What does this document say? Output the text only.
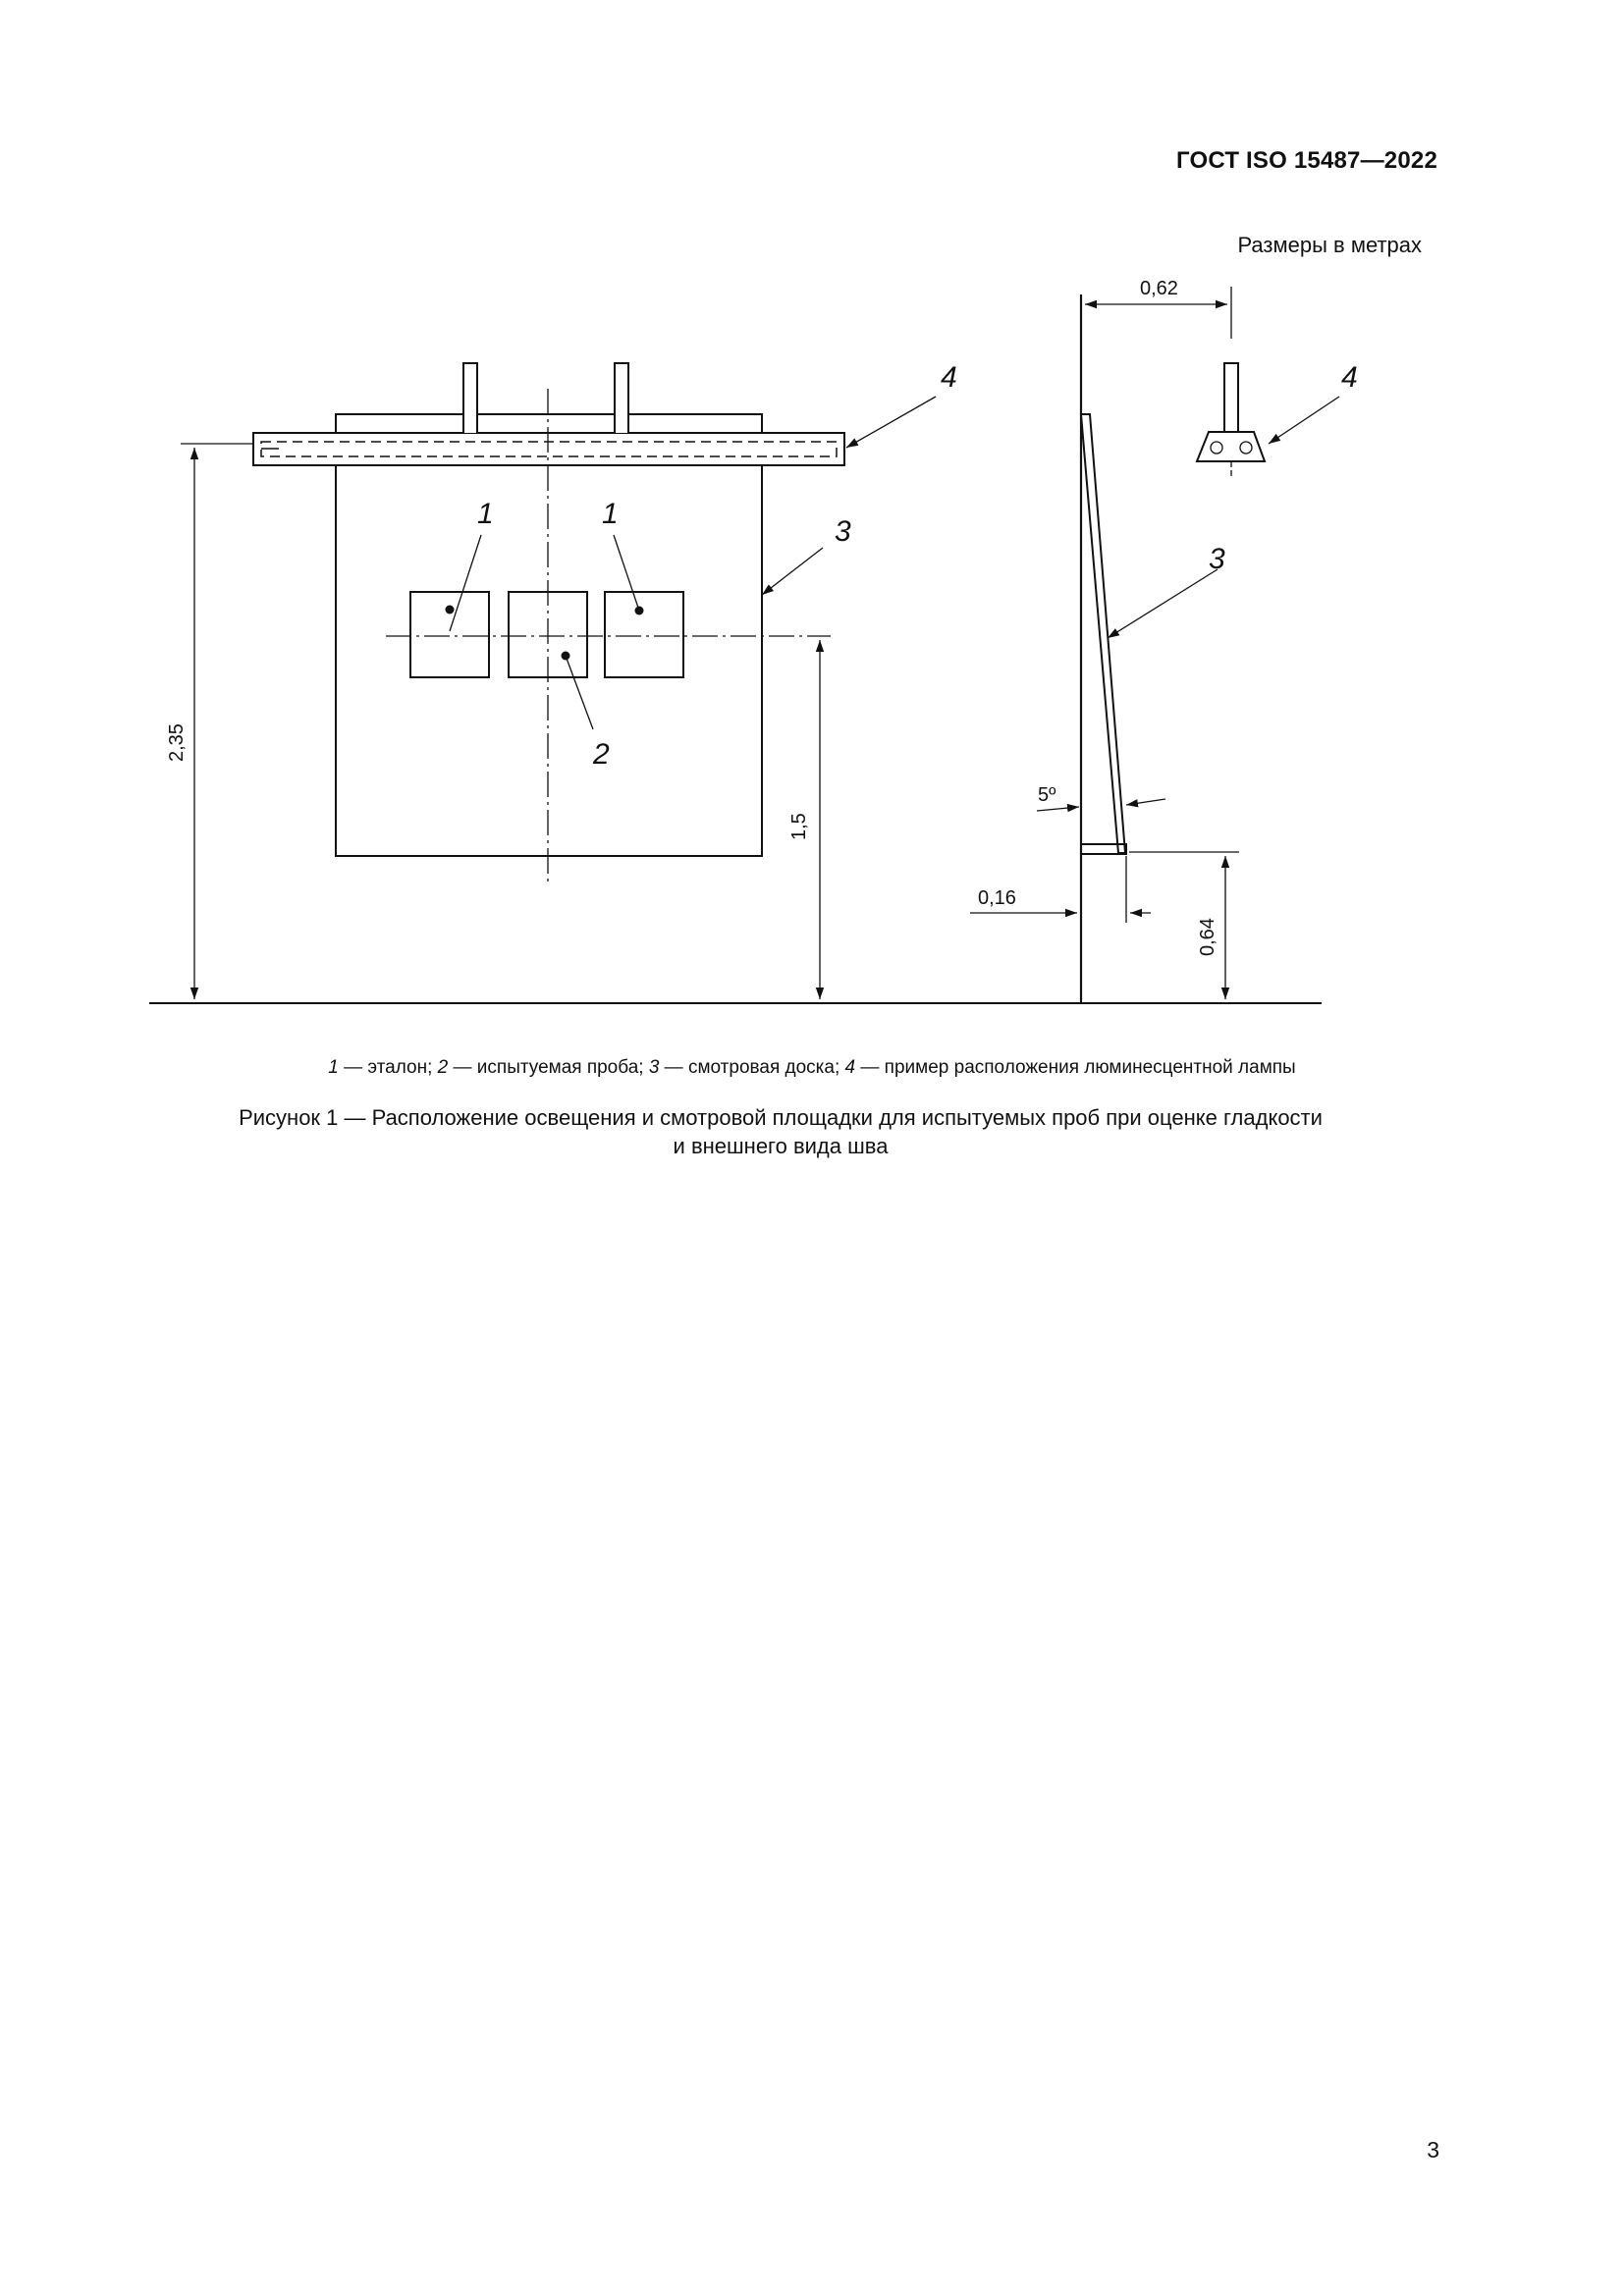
ГОСТ ISO 15487—2022
Размеры в метрах
1	1
2
3
4	4
3
2,35
1,5
0,62
5º
0,16
0,64
1 — эталон; 2 — испытуемая проба; 3 — смотровая доска; 4 — пример расположения люминесцентной лампы
Рисунок 1 — Расположение освещения и смотровой площадки для испытуемых проб при оценке гладкости
и внешнего вида шва
3
